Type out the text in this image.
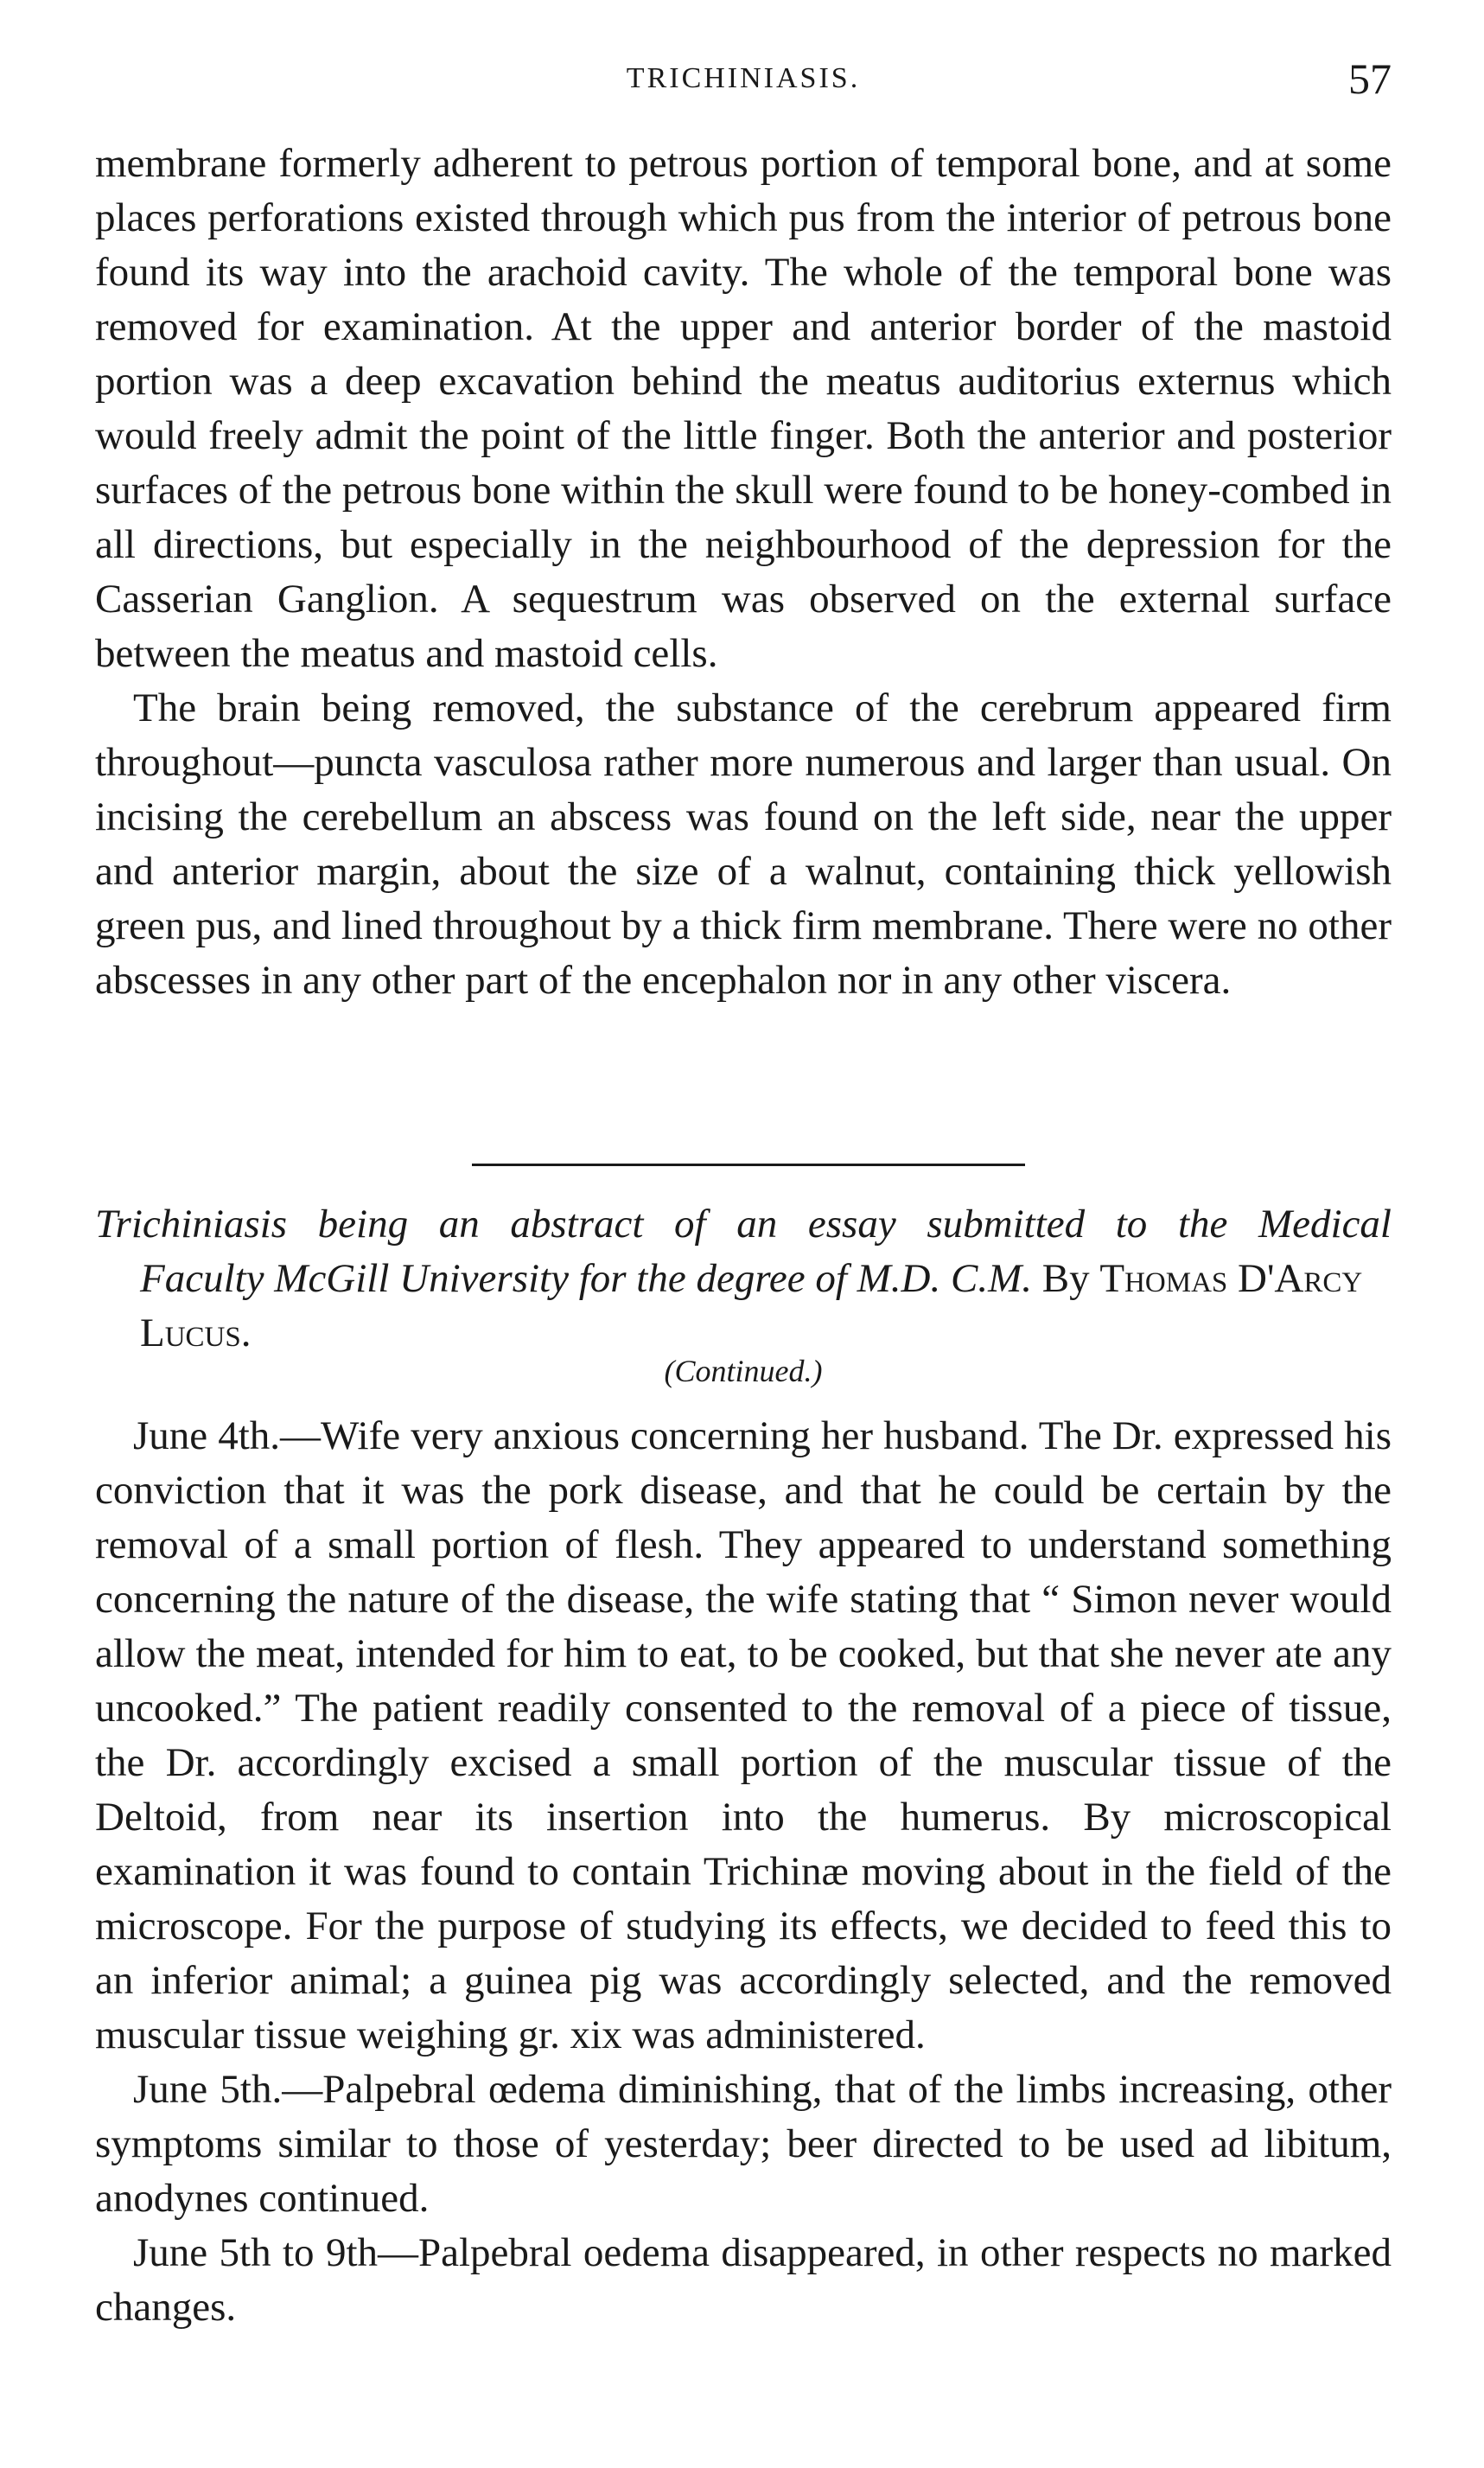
TRICHINIASIS.	57

membrane formerly adherent to petrous portion of temporal bone, and at some places perforations existed through which pus from the interior of petrous bone found its way into the arachoid cavity. The whole of the temporal bone was removed for examination. At the upper and anterior border of the mastoid portion was a deep excavation behind the meatus auditorius externus which would freely admit the point of the little finger. Both the anterior and posterior surfaces of the petrous bone within the skull were found to be honey-combed in all directions, but especially in the neighbourhood of the depression for the Casserian Ganglion. A sequestrum was observed on the external surface between the meatus and mastoid cells.

The brain being removed, the substance of the cerebrum appeared firm throughout—puncta vasculosa rather more numerous and larger than usual. On incising the cerebellum an abscess was found on the left side, near the upper and anterior margin, about the size of a walnut, containing thick yellowish green pus, and lined throughout by a thick firm membrane. There were no other abscesses in any other part of the encephalon nor in any other viscera.

Trichiniasis being an abstract of an essay submitted to the Medical
Faculty McGill University for the degree of M.D. C.M. By Thomas D'Arcy Lucus.
(Continued.)

June 4th.—Wife very anxious concerning her husband. The Dr. expressed his conviction that it was the pork disease, and that he could be certain by the removal of a small portion of flesh. They appeared to understand something concerning the nature of the disease, the wife stating that “ Simon never would allow the meat, intended for him to eat, to be cooked, but that she never ate any uncooked.” The patient readily consented to the removal of a piece of tissue, the Dr. accordingly excised a small portion of the muscular tissue of the Deltoid, from near its insertion into the humerus. By microscopical examination it was found to contain Trichinæ moving about in the field of the microscope. For the purpose of studying its effects, we decided to feed this to an inferior animal; a guinea pig was accordingly selected, and the removed muscular tissue weighing gr. xix was administered.

June 5th.—Palpebral œdema diminishing, that of the limbs increasing, other symptoms similar to those of yesterday; beer directed to be used ad libitum, anodynes continued.

June 5th to 9th—Palpebral oedema disappeared, in other respects no marked changes.
